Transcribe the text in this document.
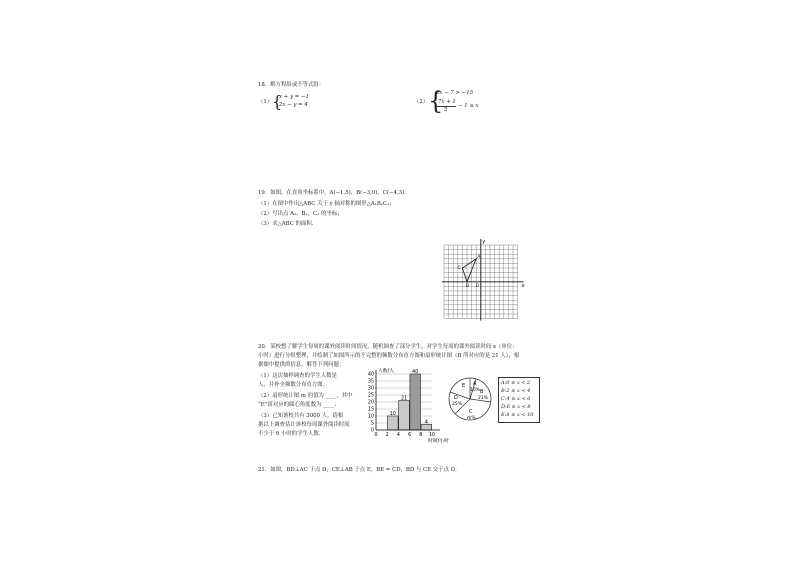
18．解方程组或不等式组：
（1） {
x + y = −1
2x − y = 4	（2） {
2x − 7 > −15
7x + 1
5
− 1 ≤ x
19．如图，在直角坐标系中，A(−1,5)，B(−3,0)，C(−4,3)．
（1）在图中作出△ABC 关于 y 轴对称的图形△A₁B₁C₁；
（2）写出点 A₁，B₁，C₁ 的坐标；
（3）求△ABC 的面积．
y
x
O
A
B
C
20．某校想了解学生每周的课外阅读时间情况，随机调查了部分学生，对学生每周的课外阅读时间 x（单位：
小时）进行分组整理，并绘制了如图所示的不完整的频数分布直方图和扇形统计图（B 所对应的是 21 人），根
据图中提供的信息，解答下列问题：
（1）这次抽样调查的学生人数是
人，并补全频数分布直方图；
（2）扇形统计图 m 的值为 ____，其中
“E”组对应的圆心角度数为 ____；
（3）已知该校共有 3000 人，请根
据以上调查估计该校每周课外阅读时间
不少于 6 小时的学生人数．	0
5
10
15
20
25
30
35
40
10
21
40
4
0 2 4 6 8 10
人数/人
时间/小时
E A
10% B
21%
D
25%
C
m%
A:0 ≤ x < 2
B:2 ≤ x < 4
C:4 ≤ x < 6
D:6 ≤ x < 8
E:8 ≤ x < 10
21．如图，BD⊥AC 于点 D，CE⊥AB 于点 E，BE = CD，BD 与 CE 交于点 O．
